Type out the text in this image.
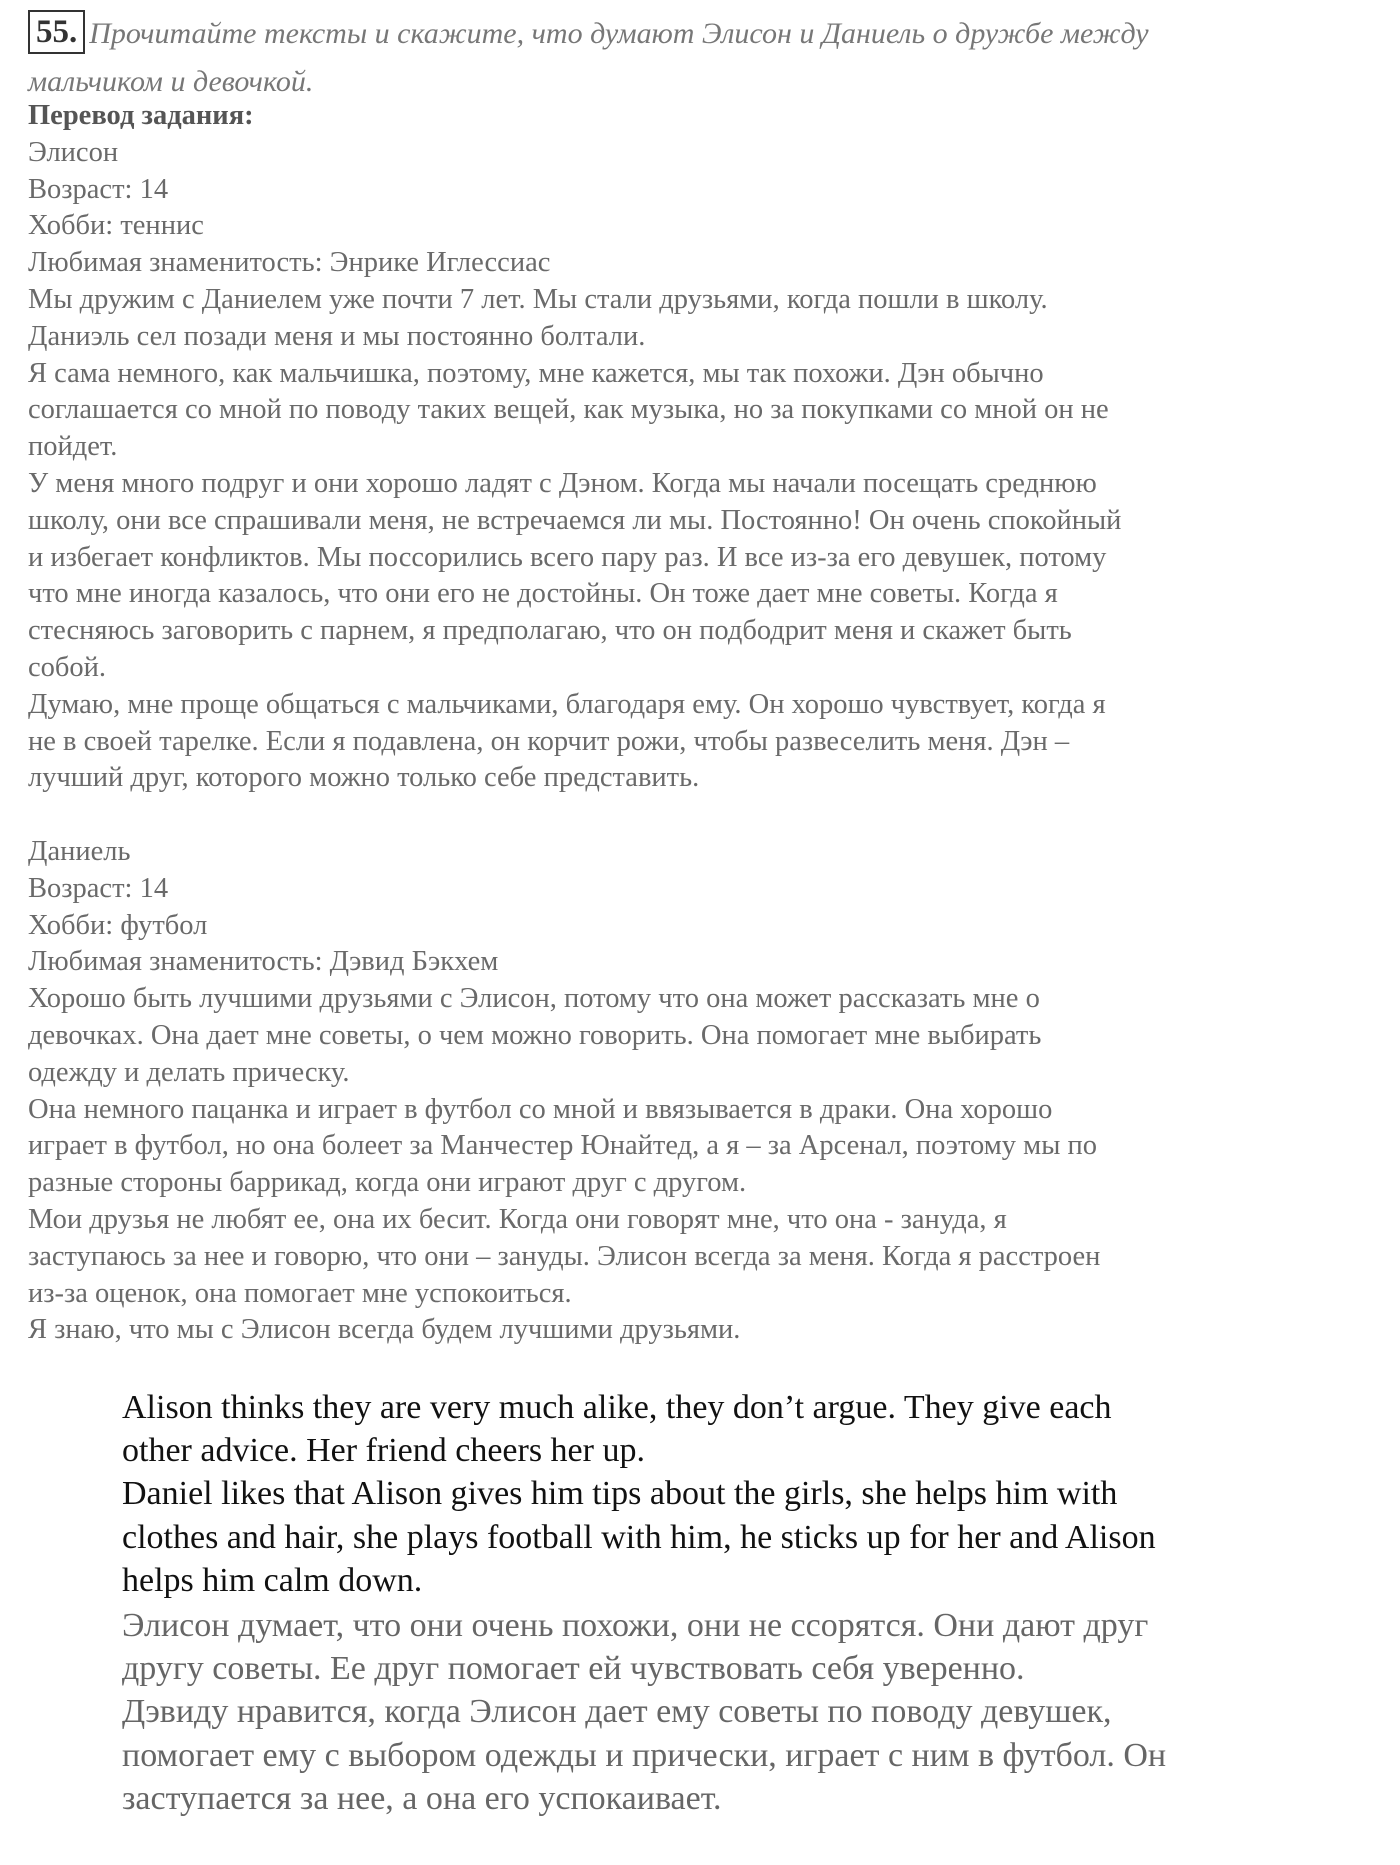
55. Прочитайте тексты и скажите, что думают Элисон и Даниель о дружбе между
мальчиком и девочкой.
Перевод задания:
Элисон
Возраст: 14
Хобби: теннис
Любимая знаменитость: Энрике Иглессиас
Мы дружим с Даниелем уже почти 7 лет. Мы стали друзьями, когда пошли в школу.
Даниэль сел позади меня и мы постоянно болтали.
Я сама немного, как мальчишка, поэтому, мне кажется, мы так похожи. Дэн обычно
соглашается со мной по поводу таких вещей, как музыка, но за покупками со мной он не
пойдет.
У меня много подруг и они хорошо ладят с Дэном. Когда мы начали посещать среднюю
школу, они все спрашивали меня, не встречаемся ли мы. Постоянно! Он очень спокойный
и избегает конфликтов. Мы поссорились всего пару раз. И все из-за его девушек, потому
что мне иногда казалось, что они его не достойны. Он тоже дает мне советы. Когда я
стесняюсь заговорить с парнем, я предполагаю, что он подбодрит меня и скажет быть
собой.
Думаю, мне проще общаться с мальчиками, благодаря ему. Он хорошо чувствует, когда я
не в своей тарелке. Если я подавлена, он корчит рожи, чтобы развеселить меня. Дэн –
лучший друг, которого можно только себе представить.
Даниель
Возраст: 14
Хобби: футбол
Любимая знаменитость: Дэвид Бэкхем
Хорошо быть лучшими друзьями с Элисон, потому что она может рассказать мне о
девочках. Она дает мне советы, о чем можно говорить. Она помогает мне выбирать
одежду и делать прическу.
Она немного пацанка и играет в футбол со мной и ввязывается в драки. Она хорошо
играет в футбол, но она болеет за Манчестер Юнайтед, а я – за Арсенал, поэтому мы по
разные стороны баррикад, когда они играют друг с другом.
Мои друзья не любят ее, она их бесит. Когда они говорят мне, что она - зануда, я
заступаюсь за нее и говорю, что они – зануды. Элисон всегда за меня. Когда я расстроен
из-за оценок, она помогает мне успокоиться.
Я знаю, что мы с Элисон всегда будем лучшими друзьями.
Alison thinks they are very much alike, they don’t argue. They give each
other advice. Her friend cheers her up.
Daniel likes that Alison gives him tips about the girls, she helps him with
clothes and hair, she plays football with him, he sticks up for her and Alison
helps him calm down.
Элисон думает, что они очень похожи, они не ссорятся. Они дают друг
другу советы. Ее друг помогает ей чувствовать себя уверенно.
Дэвиду нравится, когда Элисон дает ему советы по поводу девушек,
помогает ему с выбором одежды и прически, играет с ним в футбол. Он
заступается за нее, а она его успокаивает.
